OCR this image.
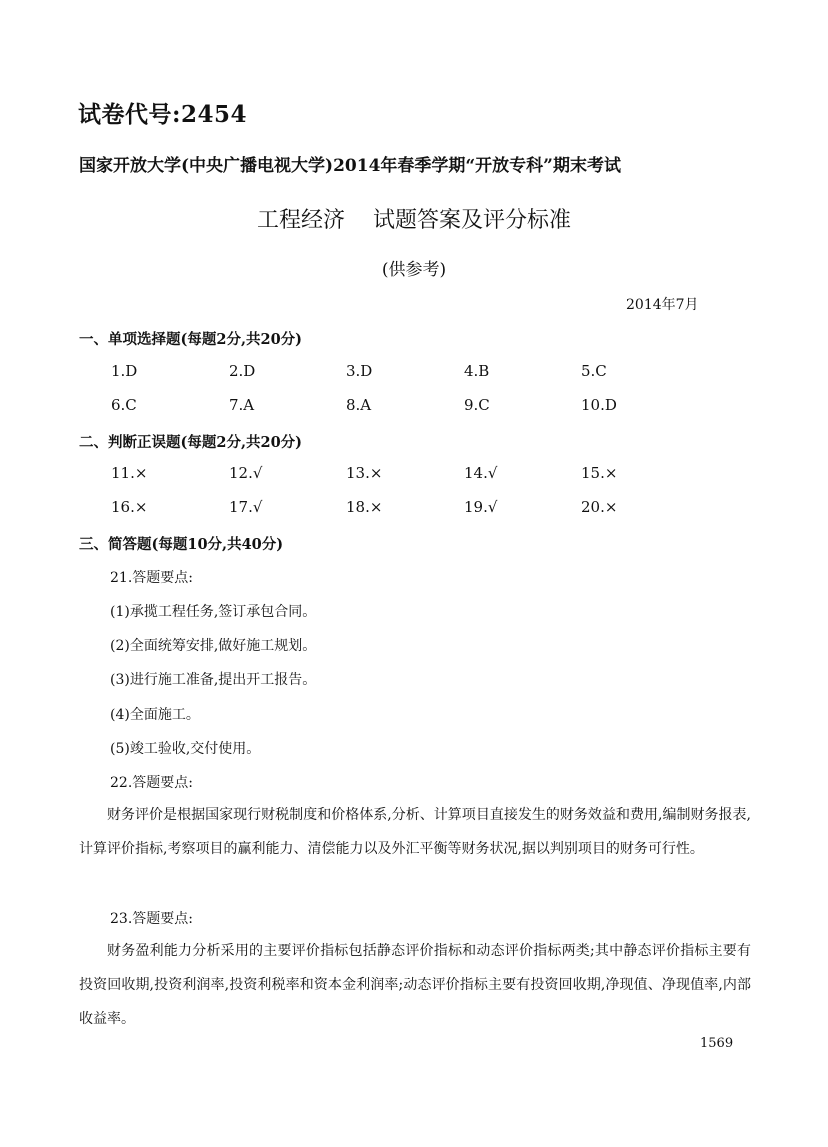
试卷代号:2454
国家开放大学(中央广播电视大学)2014年春季学期“开放专科”期末考试
工程经济 试题答案及评分标准
(供参考)
2014年7月
一、单项选择题(每题2分,共20分)
1.D	2.D	3.D	4.B	5.C
6.C	7.A	8.A	9.C	10.D
二、判断正误题(每题2分,共20分)
11.×	12.√	13.×	14.√	15.×
16.×	17.√	18.×	19.√	20.×
三、简答题(每题10分,共40分)
21.答题要点:
(1)承揽工程任务,签订承包合同。
(2)全面统筹安排,做好施工规划。
(3)进行施工准备,提出开工报告。
(4)全面施工。
(5)竣工验收,交付使用。
22.答题要点:
财务评价是根据国家现行财税制度和价格体系,分析、计算项目直接发生的财务效益和费用,编制财务报表,计算评价指标,考察项目的赢利能力、清偿能力以及外汇平衡等财务状况,据以判别项目的财务可行性。
23.答题要点:
财务盈利能力分析采用的主要评价指标包括静态评价指标和动态评价指标两类;其中静态评价指标主要有投资回收期,投资利润率,投资利税率和资本金利润率;动态评价指标主要有投资回收期,净现值、净现值率,内部收益率。
1569
